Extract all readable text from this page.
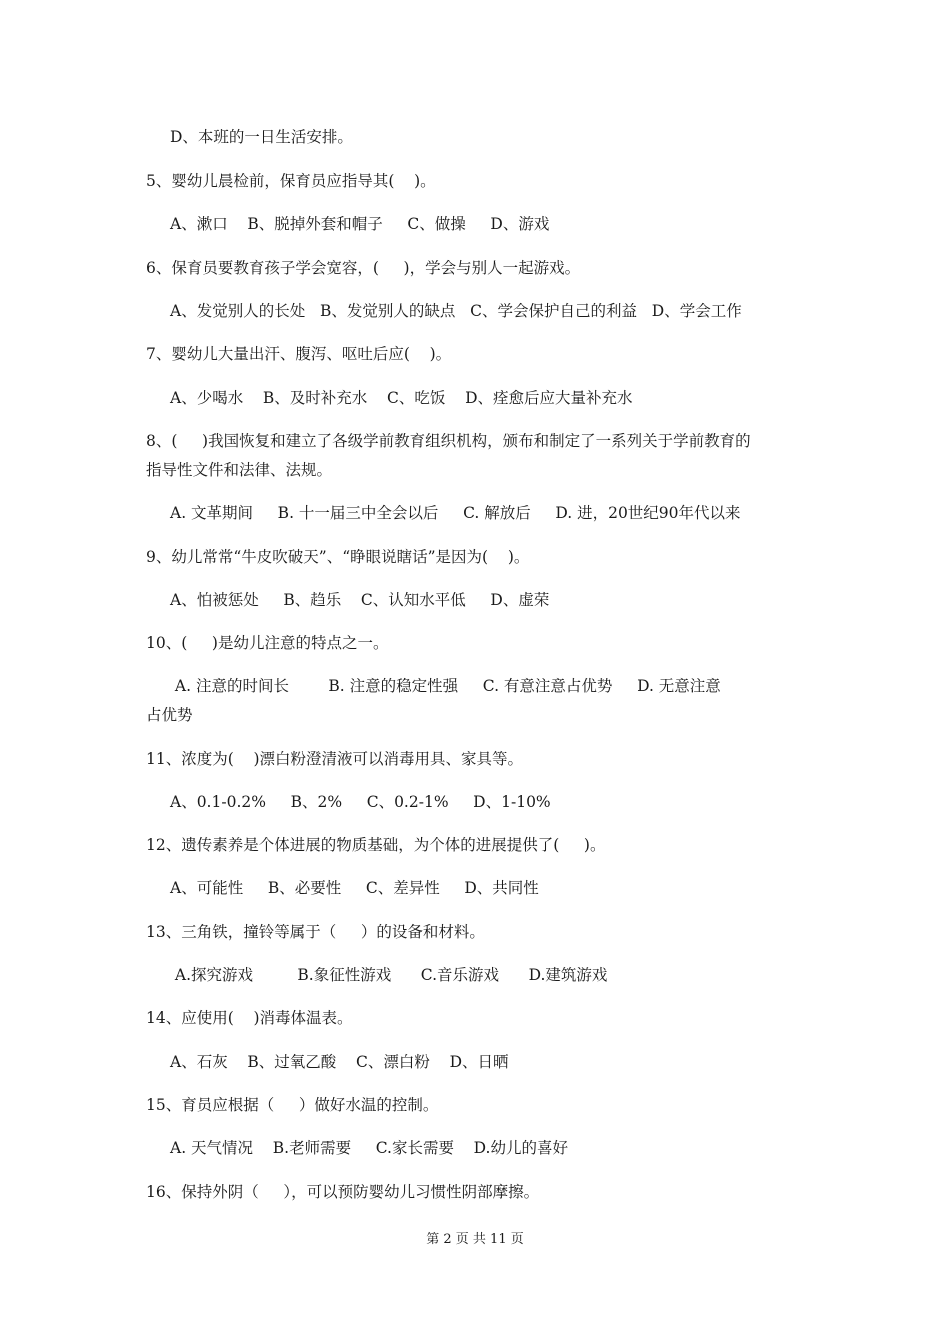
D、本班的一日生活安排。
5、婴幼儿晨检前，保育员应指导其(    )。
A、漱口    B、脱掉外套和帽子     C、做操     D、游戏
6、保育员要教育孩子学会宽容，(     )，学会与别人一起游戏。
A、发觉别人的长处   B、发觉别人的缺点   C、学会保护自己的利益   D、学会工作
7、婴幼儿大量出汗、腹泻、呕吐后应(    )。
A、少喝水    B、及时补充水    C、吃饭    D、痊愈后应大量补充水
8、(     )我国恢复和建立了各级学前教育组织机构，颁布和制定了一系列关于学前教育的
指导性文件和法律、法规。
A. 文革期间     B. 十一届三中全会以后     C. 解放后     D. 进，20世纪90年代以来
9、幼儿常常“牛皮吹破天”、“睁眼说瞎话”是因为(    )。
A、怕被惩处     B、趋乐    C、认知水平低     D、虚荣
10、(     )是幼儿注意的特点之一。
A. 注意的时间长        B. 注意的稳定性强     C. 有意注意占优势     D. 无意注意
占优势
11、浓度为(    )漂白粉澄清液可以消毒用具、家具等。
A、0.1-0.2%     B、2%     C、0.2-1%     D、1-10%
12、遗传素养是个体进展的物质基础，为个体的进展提供了(     )。
A、可能性     B、必要性     C、差异性     D、共同性
13、三角铁，撞铃等属于（     ）的设备和材料。
A.探究游戏         B.象征性游戏      C.音乐游戏      D.建筑游戏
14、应使用(    )消毒体温表。
A、石灰    B、过氧乙酸    C、漂白粉    D、日晒
15、育员应根据（     ）做好水温的控制。
A. 天气情况    B.老师需要     C.家长需要    D.幼儿的喜好
16、保持外阴（     ），可以预防婴幼儿习惯性阴部摩擦。
第 2 页 共 11 页
